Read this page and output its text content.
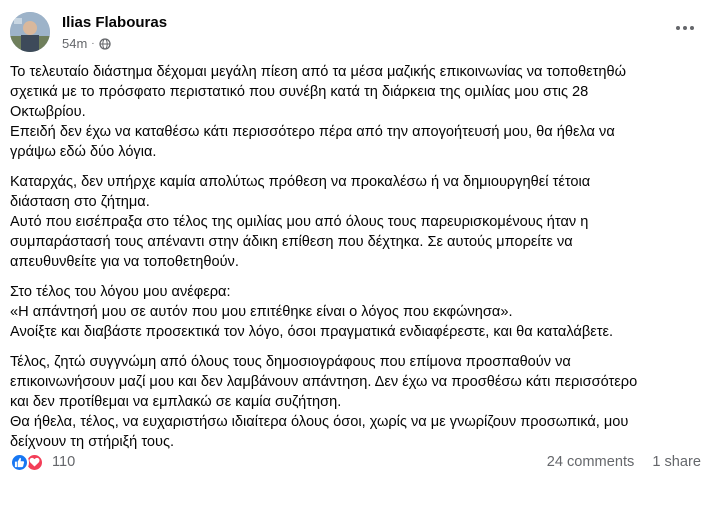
Ilias Flabouras
54m ·
Το τελευταίο διάστημα δέχομαι μεγάλη πίεση από τα μέσα μαζικής επικοινωνίας να τοποθετηθώ
σχετικά με το πρόσφατο περιστατικό που συνέβη κατά τη διάρκεια της ομιλίας μου στις 28
Οκτωβρίου.
Επειδή δεν έχω να καταθέσω κάτι περισσότερο πέρα από την απογοήτευσή μου, θα ήθελα να
γράψω εδώ δύο λόγια.
Καταρχάς, δεν υπήρχε καμία απολύτως πρόθεση να προκαλέσω ή να δημιουργηθεί τέτοια
διάσταση στο ζήτημα.
Αυτό που εισέπραξα στο τέλος της ομιλίας μου από όλους τους παρευρισκομένους ήταν η
συμπαράστασή τους απέναντι στην άδικη επίθεση που δέχτηκα. Σε αυτούς μπορείτε να
απευθυνθείτε για να τοποθετηθούν.
Στο τέλος του λόγου μου ανέφερα:
«Η απάντησή μου σε αυτόν που μου επιτέθηκε είναι ο λόγος που εκφώνησα».
Ανοίξτε και διαβάστε προσεκτικά τον λόγο, όσοι πραγματικά ενδιαφέρεστε, και θα καταλάβετε.
Τέλος, ζητώ συγγνώμη από όλους τους δημοσιογράφους που επίμονα προσπαθούν να
επικοινωνήσουν μαζί μου και δεν λαμβάνουν απάντηση. Δεν έχω να προσθέσω κάτι περισσότερο
και δεν προτίθεμαι να εμπλακώ σε καμία συζήτηση.
Θα ήθελα, τέλος, να ευχαριστήσω ιδιαίτερα όλους όσοι, χωρίς να με γνωρίζουν προσωπικά, μου
δείχνουν τη στήριξή τους.
110	24 comments 1 share
